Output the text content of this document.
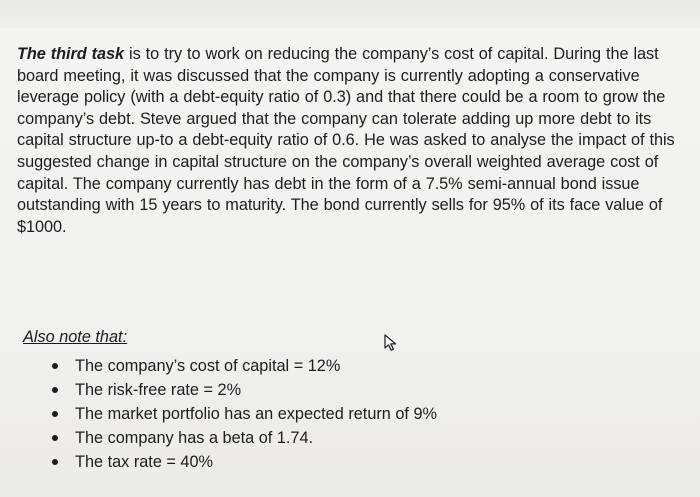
The third task is to try to work on reducing the company’s cost of capital. During the last board meeting, it was discussed that the company is currently adopting a conservative leverage policy (with a debt-equity ratio of 0.3) and that there could be a room to grow the company’s debt. Steve argued that the company can tolerate adding up more debt to its capital structure up-to a debt-equity ratio of 0.6. He was asked to analyse the impact of this suggested change in capital structure on the company’s overall weighted average cost of capital. The company currently has debt in the form of a 7.5% semi-annual bond issue outstanding with 15 years to maturity. The bond currently sells for 95% of its face value of $1000.

Also note that:

The company’s cost of capital = 12%
The risk-free rate = 2%
The market portfolio has an expected return of 9%
The company has a beta of 1.74.
The tax rate = 40%
